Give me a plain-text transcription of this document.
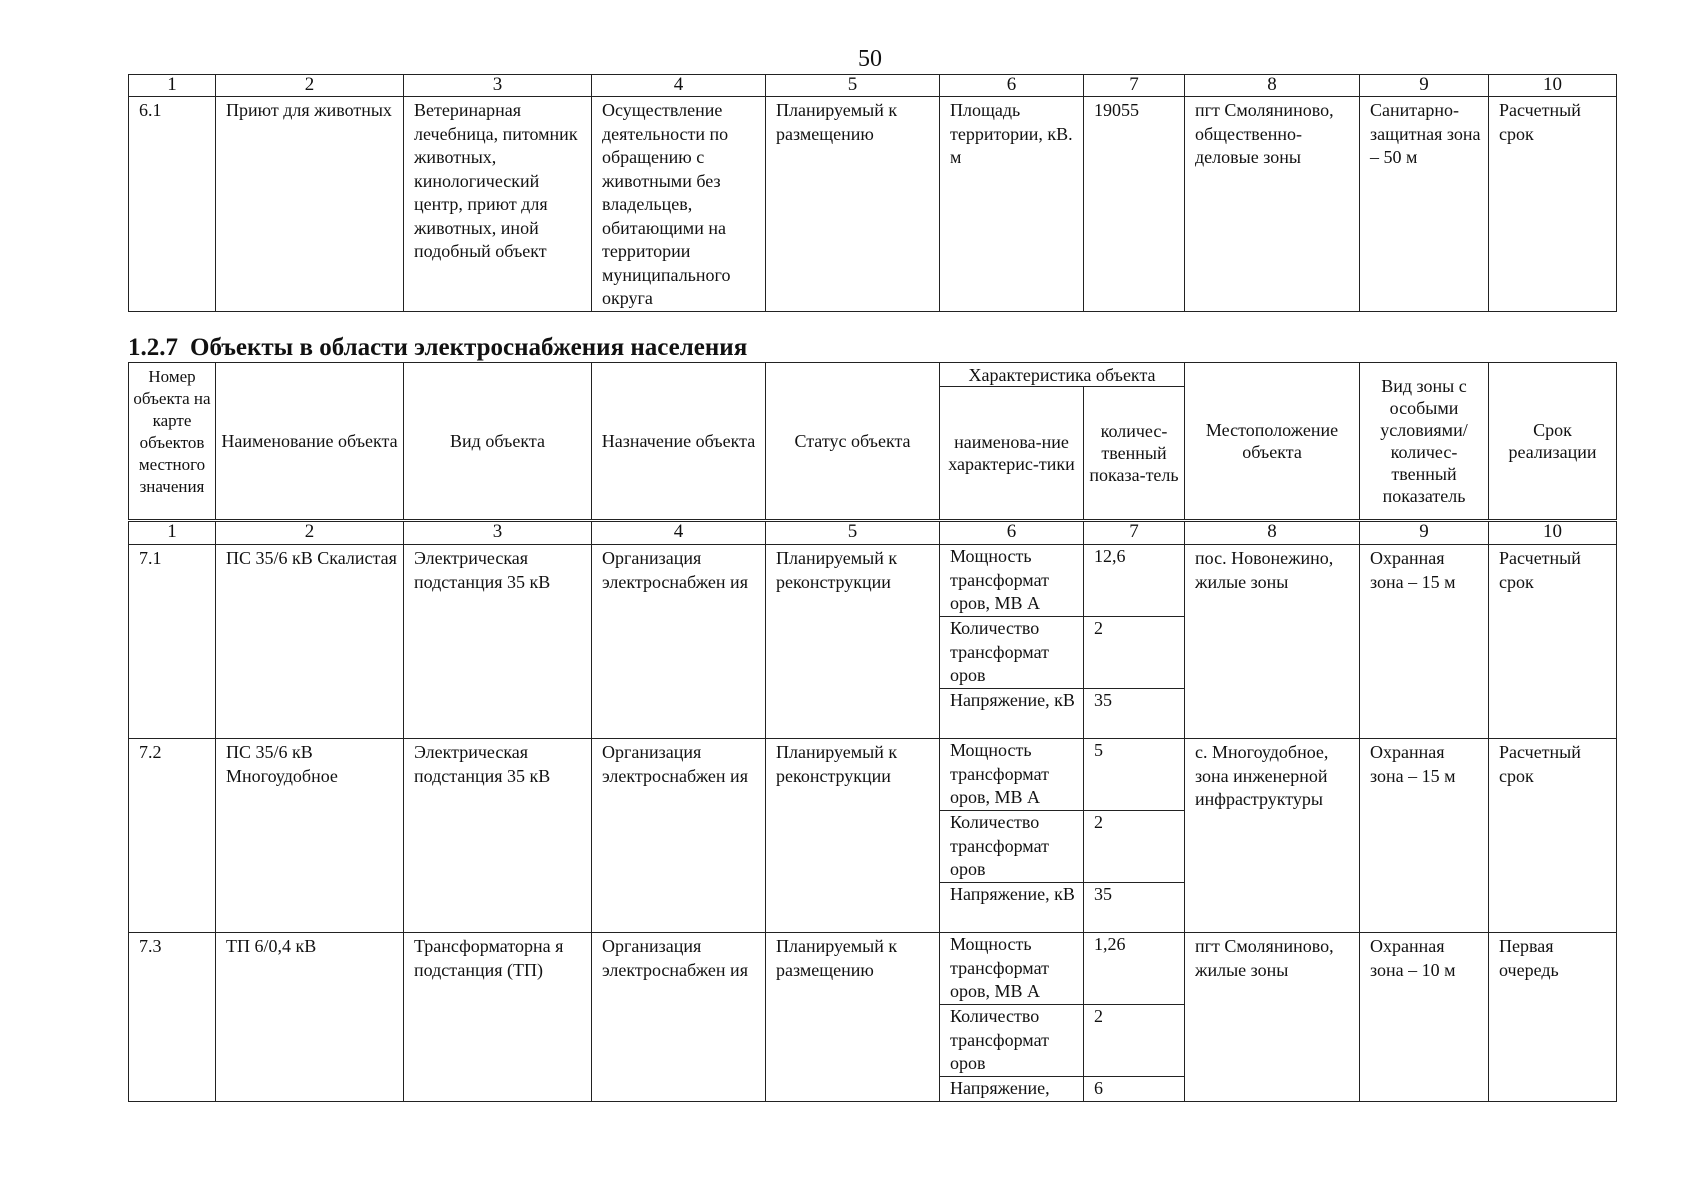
50
1	2	3	4	5	6	7	8	9	10
6.1	Приют для животных	Ветеринарная лечебница, питомник животных, кинологический центр, приют для животных, иной подобный объект	Осуществление деятельности по обращению с животными без владельцев, обитающими на территории муниципального округа	Планируемый к размещению	Площадь территории, кВ. м	19055	пгт Смоляниново, общественно-деловые зоны	Санитарно-защитная зона – 50 м	Расчетный срок
1.2.7 Объекты в области электроснабжения населения
Номер объекта на карте объектов местного значения	Наименование объекта	Вид объекта	Назначение объекта	Статус объекта	Характеристика объекта		Местоположение объекта	Вид зоны с особыми условиями/ количес-твенный показатель	Срок реализации
					наименова-ние характерис-тики	количес-твенный показа-тель			
1	2	3	4	5	6	7	8	9	10
7.1	ПС 35/6 кВ Скалистая	Электрическая подстанция 35 кВ	Организация электроснабжен ия	Планируемый к реконструкции	Мощность трансформат оров, МВ А	12,6	пос. Новонежино, жилые зоны	Охранная зона – 15 м	Расчетный срок
					Количество трансформат оров	2			
					Напряжение, кВ	35			
7.2	ПС 35/6 кВ Многоудобное	Электрическая подстанция 35 кВ	Организация электроснабжен ия	Планируемый к реконструкции	Мощность трансформат оров, МВ А	5	с. Многоудобное, зона инженерной инфраструктуры	Охранная зона – 15 м	Расчетный срок
					Количество трансформат оров	2			
					Напряжение, кВ	35			
7.3	ТП 6/0,4 кВ	Трансформаторна я подстанция (ТП)	Организация электроснабжен ия	Планируемый к размещению	Мощность трансформат оров, МВ А	1,26	пгт Смоляниново, жилые зоны	Охранная зона – 10 м	Первая очередь
					Количество трансформат оров	2			
					Напряжение,	6			
